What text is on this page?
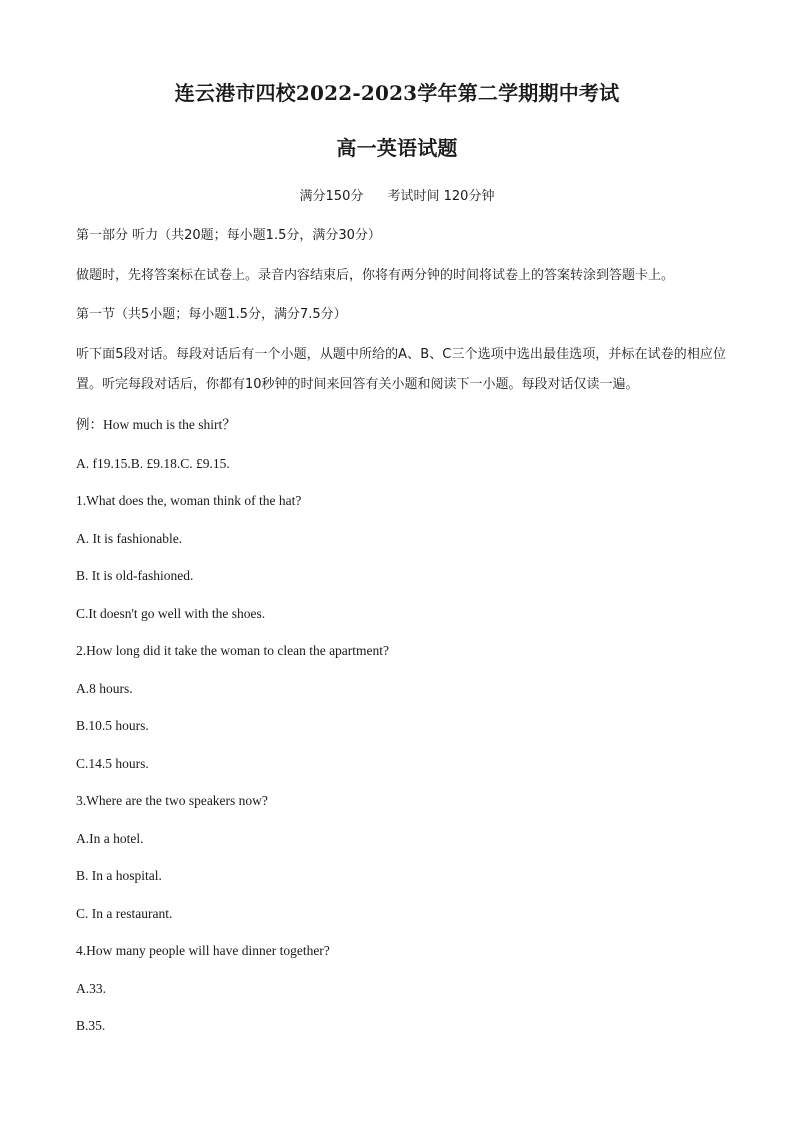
连云港市四校2022-2023学年第二学期期中考试
高一英语试题
满分150分 考试时间 120分钟
第一部分 听力（共20题；每小题1.5分，满分30分）
做题时，先将答案标在试卷上。录音内容结束后，你将有两分钟的时间将试卷上的答案转涂到答题卡上。
第一节（共5小题；每小题1.5分，满分7.5分）
听下面5段对话。每段对话后有一个小题，从题中所给的A、B、C三个选项中选出最佳选项，并标在试卷的相应位置。听完每段对话后，你都有10秒钟的时间来回答有关小题和阅读下一小题。每段对话仅读一遍。
例：How much is the shirt？
A. f19.15.B. £9.18.C. £9.15.
1.What does the, woman think of the hat?
A. It is fashionable.
B. It is old-fashioned.
C.It doesn't go well with the shoes.
2.How long did it take the woman to clean the apartment?
A.8 hours.
B.10.5 hours.
C.14.5 hours.
3.Where are the two speakers now?
A.In a hotel.
B. In a hospital.
C. In a restaurant.
4.How many people will have dinner together?
A.33.
B.35.
